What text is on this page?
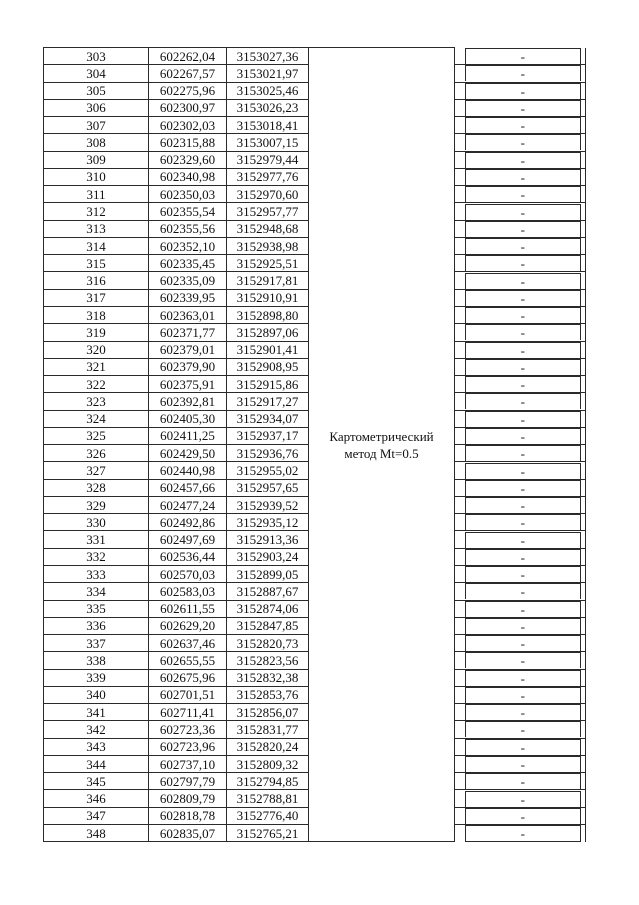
303	602262,04	3153027,36	Картометрический
метод Mt=0.5		-

304	602267,57	3153021,97			-

305	602275,96	3153025,46			-

306	602300,97	3153026,23			-

307	602302,03	3153018,41			-

308	602315,88	3153007,15			-

309	602329,60	3152979,44			-

310	602340,98	3152977,76			-

311	602350,03	3152970,60			-

312	602355,54	3152957,77			-

313	602355,56	3152948,68			-

314	602352,10	3152938,98			-

315	602335,45	3152925,51			-

316	602335,09	3152917,81			-

317	602339,95	3152910,91			-

318	602363,01	3152898,80			-

319	602371,77	3152897,06			-

320	602379,01	3152901,41			-

321	602379,90	3152908,95			-

322	602375,91	3152915,86			-

323	602392,81	3152917,27			-

324	602405,30	3152934,07			-

325	602411,25	3152937,17			-

326	602429,50	3152936,76			-

327	602440,98	3152955,02			-

328	602457,66	3152957,65			-

329	602477,24	3152939,52			-

330	602492,86	3152935,12			-

331	602497,69	3152913,36			-

332	602536,44	3152903,24			-

333	602570,03	3152899,05			-

334	602583,03	3152887,67			-

335	602611,55	3152874,06			-

336	602629,20	3152847,85			-

337	602637,46	3152820,73			-

338	602655,55	3152823,56			-

339	602675,96	3152832,38			-

340	602701,51	3152853,76			-

341	602711,41	3152856,07			-

342	602723,36	3152831,77			-

343	602723,96	3152820,24			-

344	602737,10	3152809,32			-

345	602797,79	3152794,85			-

346	602809,79	3152788,81			-

347	602818,78	3152776,40			-

348	602835,07	3152765,21			-
